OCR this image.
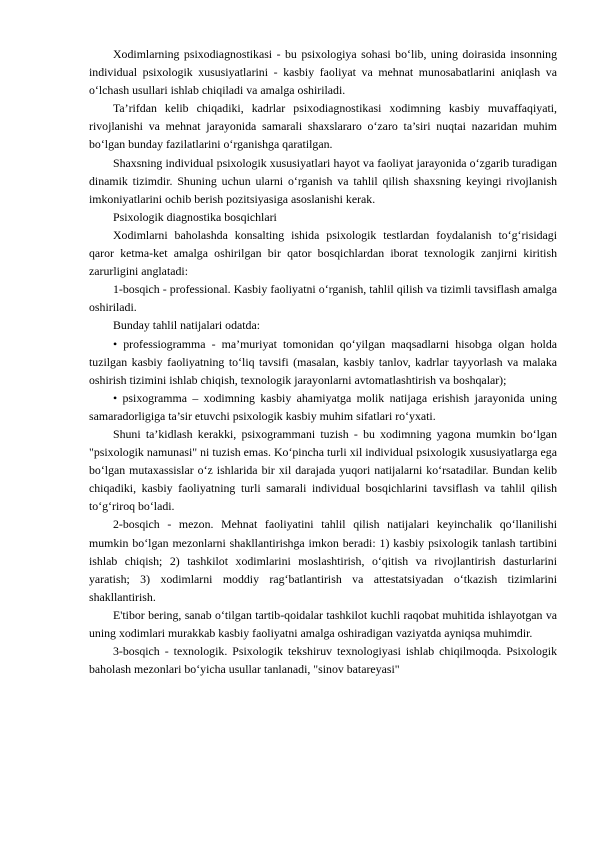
Xodimlarning psixodiagnostikasi - bu psixologiya sohasi bo‘lib, uning doirasida insonning individual psixologik xususiyatlarini - kasbiy faoliyat va mehnat munosabatlarini aniqlash va o‘lchash usullari ishlab chiqiladi va amalga oshiriladi.

Ta’rifdan kelib chiqadiki, kadrlar psixodiagnostikasi xodimning kasbiy muvaffaqiyati, rivojlanishi va mehnat jarayonida samarali shaxslararo o‘zaro ta’siri nuqtai nazaridan muhim bo‘lgan bunday fazilatlarini o‘rganishga qaratilgan.

Shaxsning individual psixologik xususiyatlari hayot va faoliyat jarayonida o‘zgarib turadigan dinamik tizimdir. Shuning uchun ularni o‘rganish va tahlil qilish shaxsning keyingi rivojlanish imkoniyatlarini ochib berish pozitsiyasiga asoslanishi kerak.

Psixologik diagnostika bosqichlari

Xodimlarni baholashda konsalting ishida psixologik testlardan foydalanish to‘g‘risidagi qaror ketma-ket amalga oshirilgan bir qator bosqichlardan iborat texnologik zanjirni kiritish zarurligini anglatadi:

1-bosqich - professional. Kasbiy faoliyatni o‘rganish, tahlil qilish va tizimli tavsiflash amalga oshiriladi.

Bunday tahlil natijalari odatda:

• professiogramma - ma’muriyat tomonidan qo‘yilgan maqsadlarni hisobga olgan holda tuzilgan kasbiy faoliyatning to‘liq tavsifi (masalan, kasbiy tanlov, kadrlar tayyorlash va malaka oshirish tizimini ishlab chiqish, texnologik jarayonlarni avtomatlashtirish va boshqalar);

• psixogramma – xodimning kasbiy ahamiyatga molik natijaga erishish jarayonida uning samaradorligiga ta’sir etuvchi psixologik kasbiy muhim sifatlari ro‘yxati.

Shuni ta’kidlash kerakki, psixogrammani tuzish - bu xodimning yagona mumkin bo‘lgan "psixologik namunasi" ni tuzish emas. Ko‘pincha turli xil individual psixologik xususiyatlarga ega bo‘lgan mutaxassislar o‘z ishlarida bir xil darajada yuqori natijalarni ko‘rsatadilar. Bundan kelib chiqadiki, kasbiy faoliyatning turli samarali individual bosqichlarini tavsiflash va tahlil qilish to‘g‘riroq bo‘ladi.

2-bosqich - mezon. Mehnat faoliyatini tahlil qilish natijalari keyinchalik qo‘llanilishi mumkin bo‘lgan mezonlarni shakllantirishga imkon beradi: 1) kasbiy psixologik tanlash tartibini ishlab chiqish; 2) tashkilot xodimlarini moslashtirish, o‘qitish va rivojlantirish dasturlarini yaratish; 3) xodimlarni moddiy rag‘batlantirish va attestatsiyadan o‘tkazish tizimlarini shakllantirish.

E'tibor bering, sanab o‘tilgan tartib-qoidalar tashkilot kuchli raqobat muhitida ishlayotgan va uning xodimlari murakkab kasbiy faoliyatni amalga oshiradigan vaziyatda ayniqsa muhimdir.

3-bosqich - texnologik. Psixologik tekshiruv texnologiyasi ishlab chiqilmoqda. Psixologik baholash mezonlari bo‘yicha usullar tanlanadi, "sinov batareyasi"
